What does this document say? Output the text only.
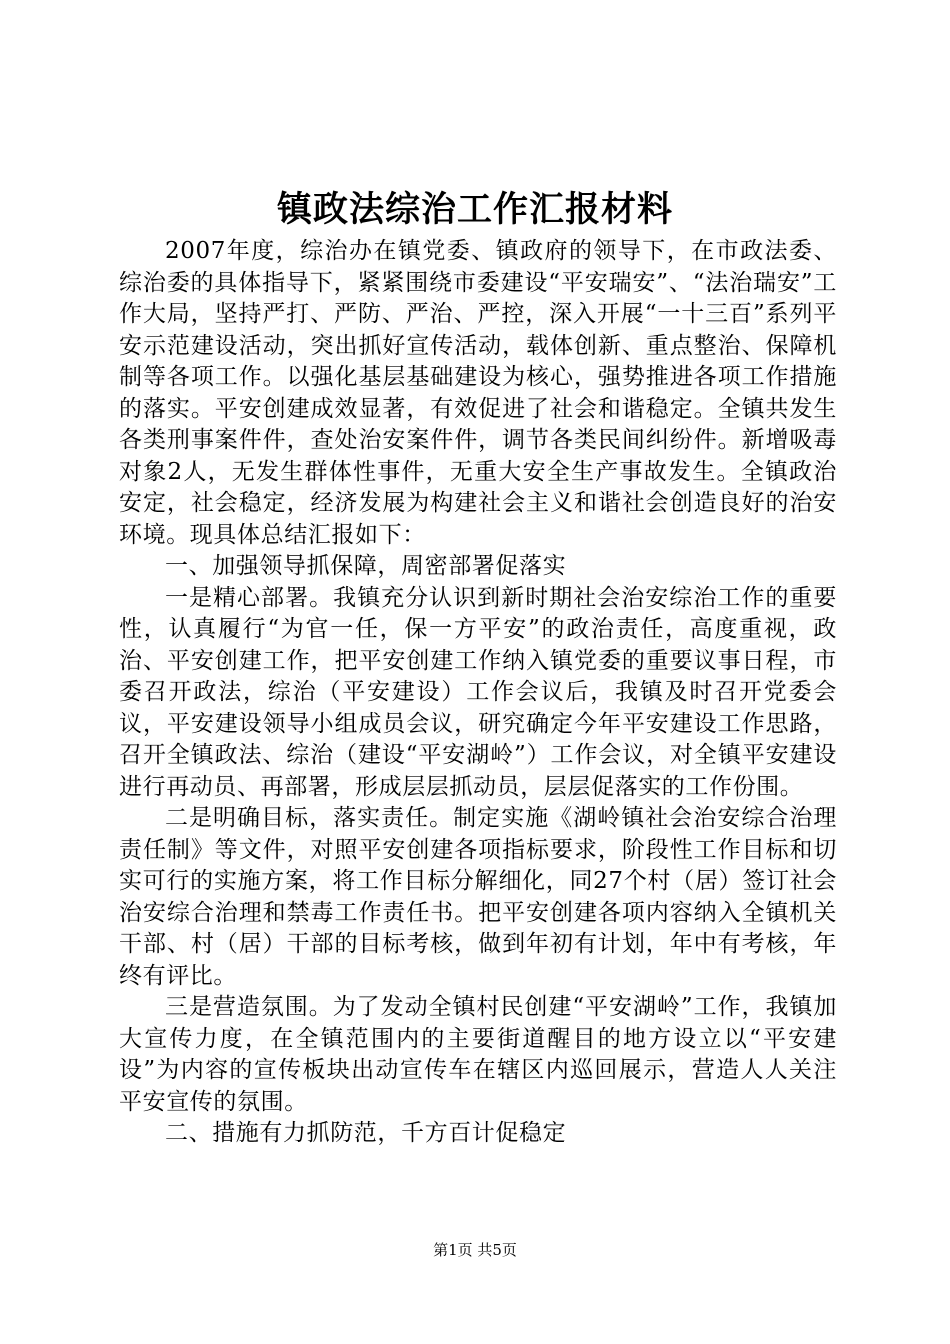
镇政法综治工作汇报材料

2007年度，综治办在镇党委、镇政府的领导下，在市政法委、综治委的具体指导下，紧紧围绕市委建设“平安瑞安”、“法治瑞安”工作大局，坚持严打、严防、严治、严控，深入开展“一十三百”系列平安示范建设活动，突出抓好宣传活动，载体创新、重点整治、保障机制等各项工作。以强化基层基础建设为核心，强势推进各项工作措施的落实。平安创建成效显著，有效促进了社会和谐稳定。全镇共发生各类刑事案件件，查处治安案件件，调节各类民间纠纷件。新增吸毒对象2人，无发生群体性事件，无重大安全生产事故发生。全镇政治安定，社会稳定，经济发展为构建社会主义和谐社会创造良好的治安环境。现具体总结汇报如下：

一、加强领导抓保障，周密部署促落实

一是精心部署。我镇充分认识到新时期社会治安综治工作的重要性，认真履行“为官一任，保一方平安”的政治责任，高度重视，政治、平安创建工作，把平安创建工作纳入镇党委的重要议事日程，市委召开政法，综治（平安建设）工作会议后，我镇及时召开党委会议，平安建设领导小组成员会议，研究确定今年平安建设工作思路，召开全镇政法、综治（建设“平安湖岭”）工作会议，对全镇平安建设进行再动员、再部署，形成层层抓动员，层层促落实的工作份围。

二是明确目标，落实责任。制定实施《湖岭镇社会治安综合治理责任制》等文件，对照平安创建各项指标要求，阶段性工作目标和切实可行的实施方案，将工作目标分解细化，同27个村（居）签订社会治安综合治理和禁毒工作责任书。把平安创建各项内容纳入全镇机关干部、村（居）干部的目标考核，做到年初有计划，年中有考核，年终有评比。

三是营造氛围。为了发动全镇村民创建“平安湖岭”工作，我镇加大宣传力度，在全镇范围内的主要街道醒目的地方设立以“平安建设”为内容的宣传板块出动宣传车在辖区内巡回展示，营造人人关注平安宣传的氛围。

二、措施有力抓防范，千方百计促稳定

第1页 共5页
